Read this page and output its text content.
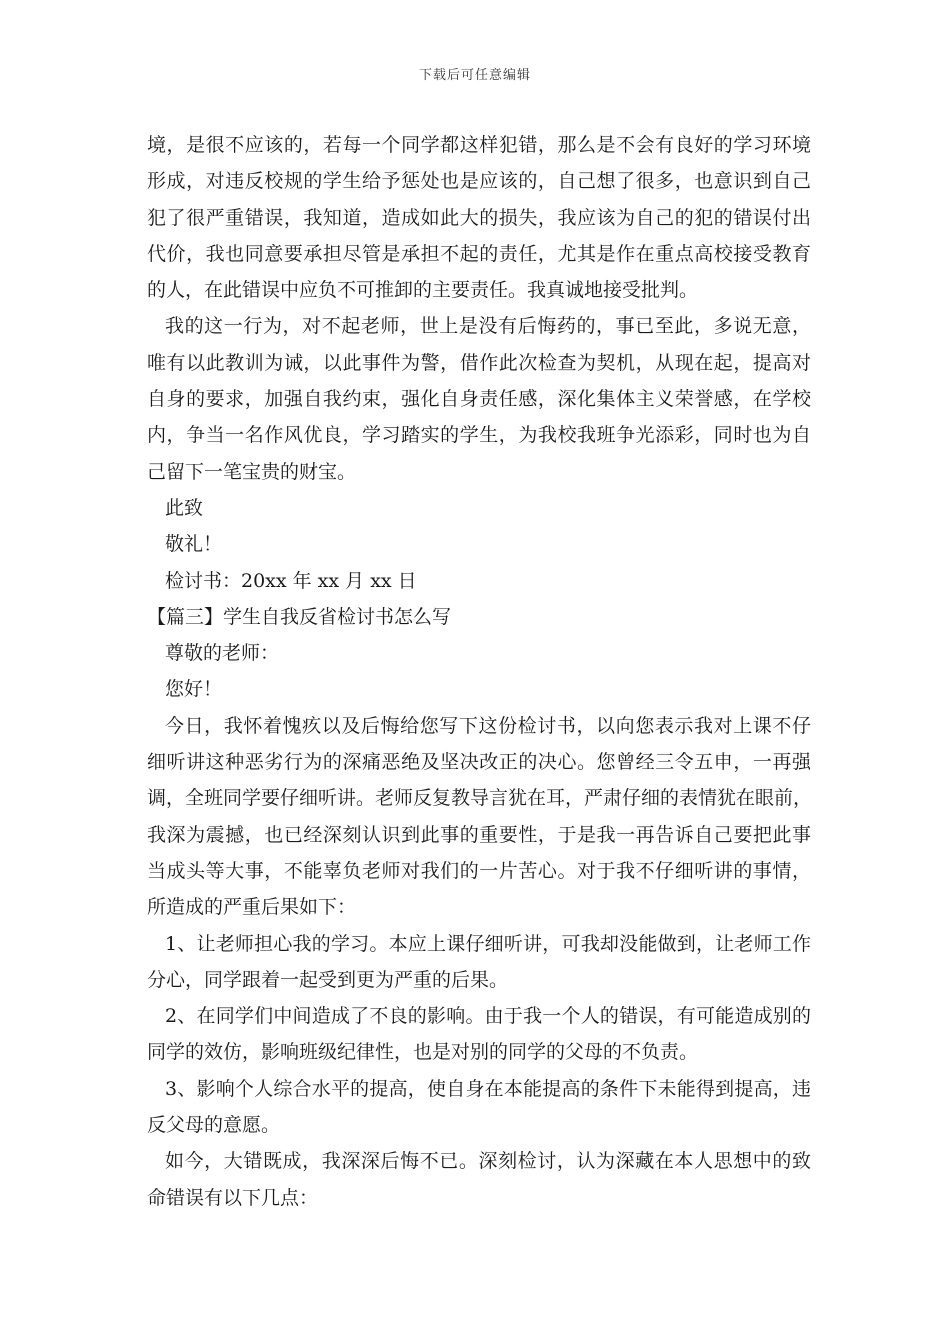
下载后可任意编辑
境，是很不应该的，若每一个同学都这样犯错，那么是不会有良好的学习环境
形成，对违反校规的学生给予惩处也是应该的，自己想了很多，也意识到自己
犯了很严重错误，我知道，造成如此大的损失，我应该为自己的犯的错误付出
代价，我也同意要承担尽管是承担不起的责任，尤其是作在重点高校接受教育
的人，在此错误中应负不可推卸的主要责任。我真诚地接受批判。
我的这一行为，对不起老师，世上是没有后悔药的，事已至此，多说无意，
唯有以此教训为诫，以此事件为警，借作此次检查为契机，从现在起，提高对
自身的要求，加强自我约束，强化自身责任感，深化集体主义荣誉感，在学校
内，争当一名作风优良，学习踏实的学生，为我校我班争光添彩，同时也为自
己留下一笔宝贵的财宝。
此致
敬礼！
检讨书：20xx 年 xx 月 xx 日
【篇三】学生自我反省检讨书怎么写
尊敬的老师：
您好！
今日，我怀着愧疚以及后悔给您写下这份检讨书，以向您表示我对上课不仔
细听讲这种恶劣行为的深痛恶绝及坚决改正的决心。您曾经三令五申，一再强
调，全班同学要仔细听讲。老师反复教导言犹在耳，严肃仔细的表情犹在眼前，
我深为震撼，也已经深刻认识到此事的重要性，于是我一再告诉自己要把此事
当成头等大事，不能辜负老师对我们的一片苦心。对于我不仔细听讲的事情，
所造成的严重后果如下：
1、让老师担心我的学习。本应上课仔细听讲，可我却没能做到，让老师工作
分心，同学跟着一起受到更为严重的后果。
2、在同学们中间造成了不良的影响。由于我一个人的错误，有可能造成别的
同学的效仿，影响班级纪律性，也是对别的同学的父母的不负责。
3、影响个人综合水平的提高，使自身在本能提高的条件下未能得到提高，违
反父母的意愿。
如今，大错既成，我深深后悔不已。深刻检讨，认为深藏在本人思想中的致
命错误有以下几点：
